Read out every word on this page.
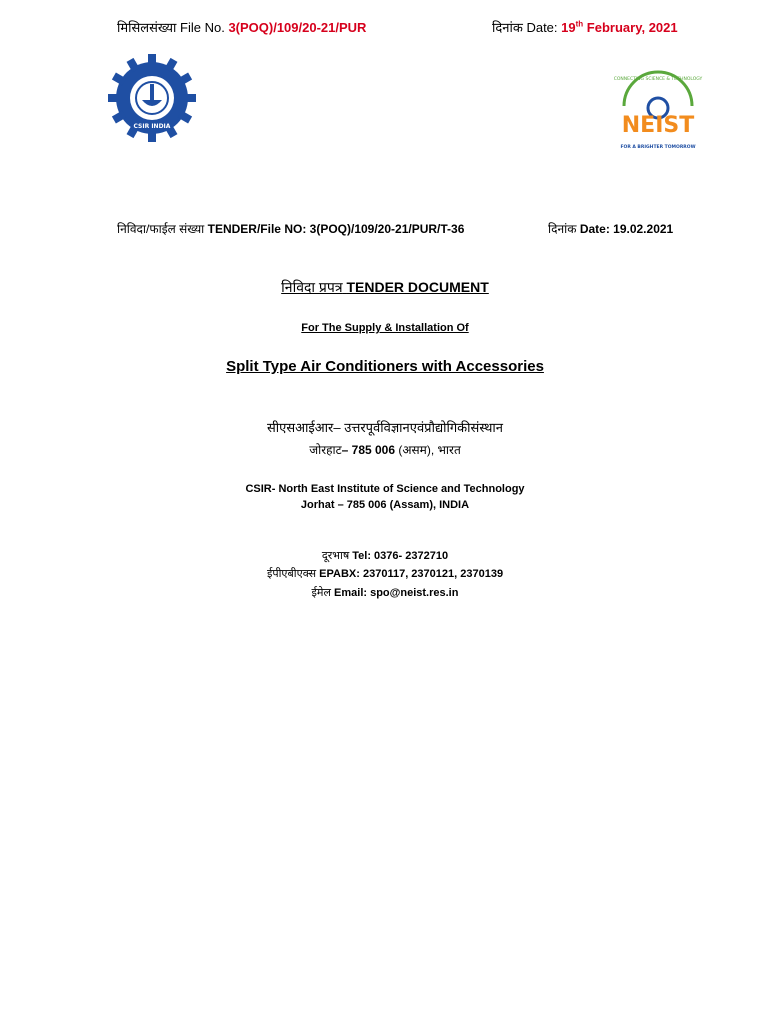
मिसिलसंख्या File No. 3(POQ)/109/20-21/PUR	दिनांक Date: 19th February, 2021
CSIR INDIA
CONNECTING SCIENCE & TECHNOLOGY
NEIST
FOR A BRIGHTER TOMORROW
निविदा/फाईल संख्या TENDER/File NO: 3(POQ)/109/20-21/PUR/T-36	दिनांक Date: 19.02.2021
निविदा प्रपत्र TENDER DOCUMENT
For The Supply & Installation Of
Split Type Air Conditioners with Accessories
सीएसआईआर– उत्तरपूर्वविज्ञानएवंप्रौद्योगिकीसंस्थान
जोरहाट– 785 006 (असम), भारत
CSIR- North East Institute of Science and Technology
Jorhat – 785 006 (Assam), INDIA
दूरभाष Tel: 0376- 2372710
ईपीएबीएक्स EPABX: 2370117, 2370121, 2370139
ईमेल Email: spo@neist.res.in
